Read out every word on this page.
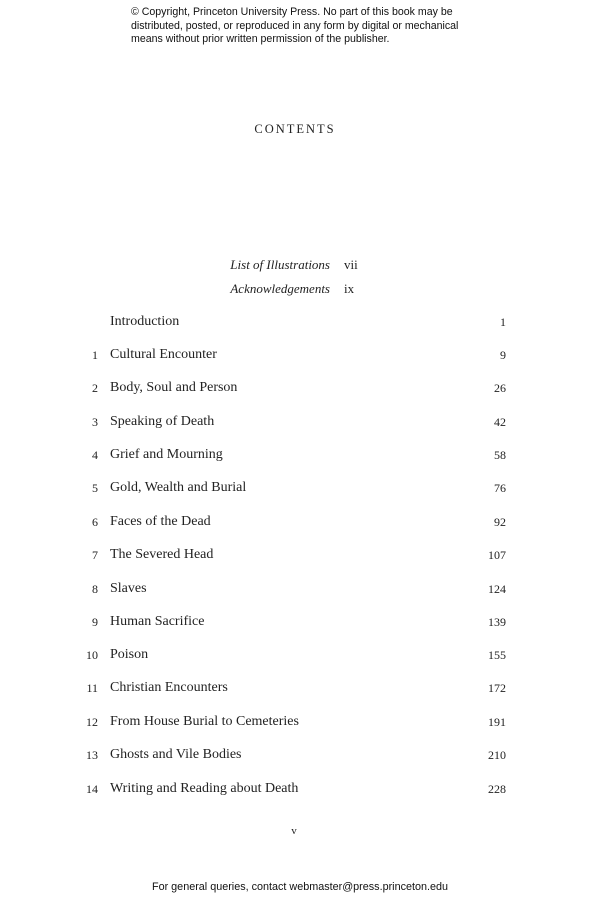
© Copyright, Princeton University Press. No part of this book may be
distributed, posted, or reproduced in any form by digital or mechanical
means without prior written permission of the publisher.
CONTENTS
List of Illustrations vii
Acknowledgements ix
Introduction	1
1 Cultural Encounter	9
2 Body, Soul and Person	26
3 Speaking of Death	42
4 Grief and Mourning	58
5 Gold, Wealth and Burial	76
6 Faces of the Dead	92
7 The Severed Head	107
8 Slaves	124
9 Human Sacrifice	139
10 Poison	155
11 Christian Encounters	172
12 From House Burial to Cemeteries	191
13 Ghosts and Vile Bodies	210
14 Writing and Reading about Death	228
v
For general queries, contact webmaster@press.princeton.edu
